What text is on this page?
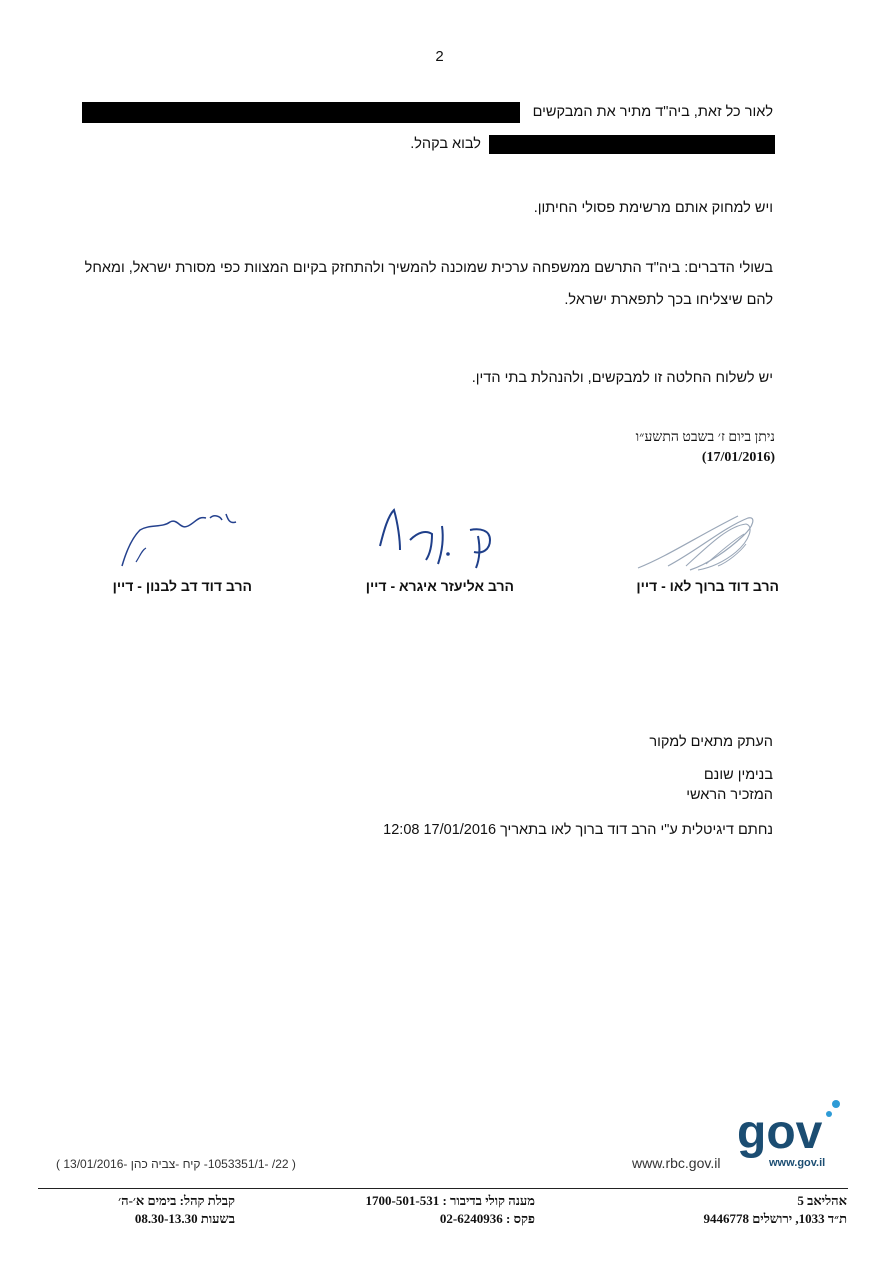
2
לאור כל זאת, ביה"ד מתיר את המבקשים
לבוא בקהל.
ויש למחוק אותם מרשימת פסולי החיתון.
בשולי הדברים: ביה"ד התרשם ממשפחה ערכית שמוכנה להמשיך ולהתחזק בקיום המצוות כפי מסורת ישראל, ומאחל
להם שיצליחו בכך לתפארת ישראל.
יש לשלוח החלטה זו למבקשים, ולהנהלת בתי הדין.
ניתן ביום ז׳ בשבט התשע״ו
(17/01/2016)
הרב דוד ברוך לאו - דיין
הרב אליעזר איגרא - דיין
הרב דוד דב לבנון - דיין
העתק מתאים למקור
בנימין שונם
המזכיר הראשי
נחתם דיגיטלית ע"י הרב דוד ברוך לאו בתאריך 17/01/2016 12:08
gov
www.gov.il
www.rbc.gov.il
( 22/ -1053351/1- קיח -צביה כהן -13/01/2016 )
אהליאב 5
ת״ד 1033, ירושלים 9446778
מענה קולי בדיבור : 1700-501-531
פקס : 02-6240936
קבלת קהל: בימים א׳-ה׳
בשעות 08.30-13.30
